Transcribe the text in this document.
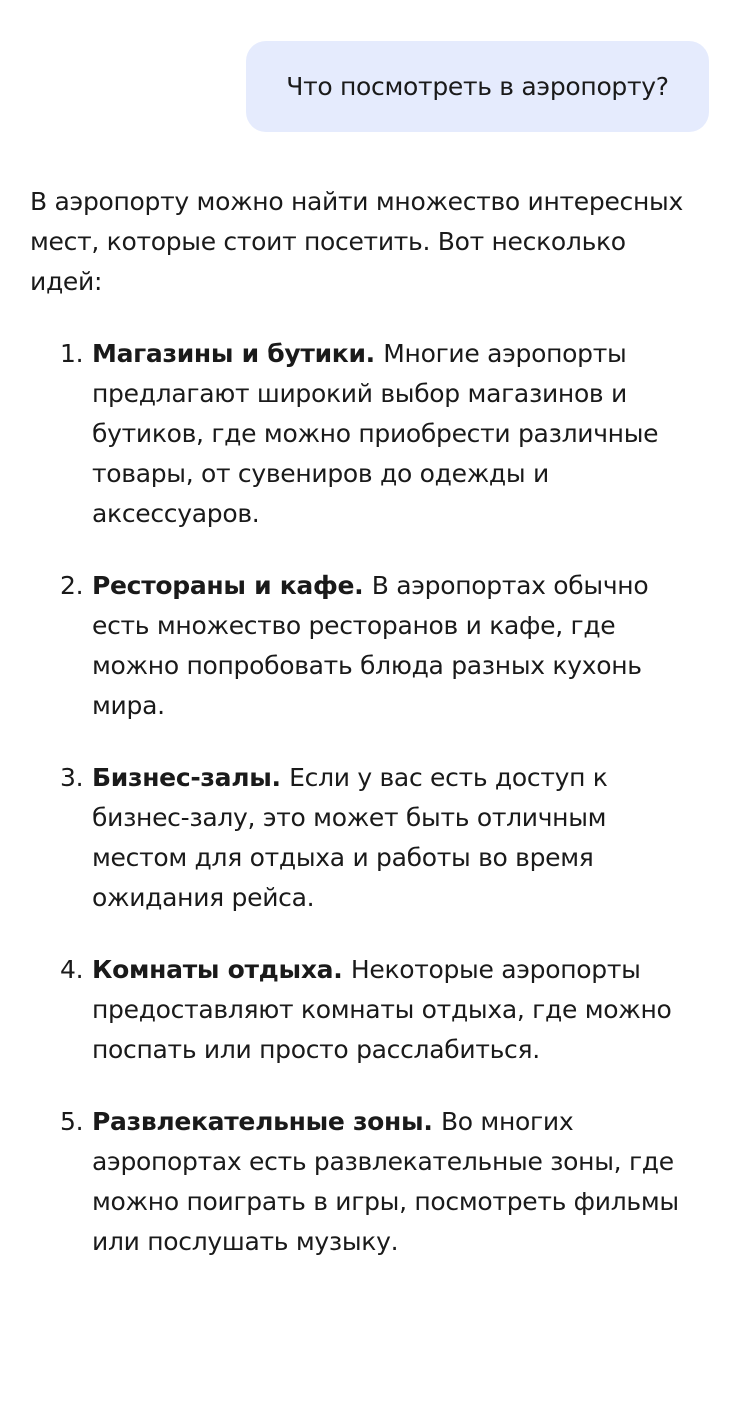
Что посмотреть в аэропорту?

В аэропорту можно найти множество интересных мест, которые стоит посетить. Вот несколько идей:

1. Магазины и бутики. Многие аэропорты предлагают широкий выбор магазинов и бутиков, где можно приобрести различные товары, от сувениров до одежды и аксессуаров.
2. Рестораны и кафе. В аэропортах обычно есть множество ресторанов и кафе, где можно попробовать блюда разных кухонь мира.
3. Бизнес-залы. Если у вас есть доступ к бизнес-залу, это может быть отличным местом для отдыха и работы во время ожидания рейса.
4. Комнаты отдыха. Некоторые аэропорты предоставляют комнаты отдыха, где можно поспать или просто расслабиться.
5. Развлекательные зоны. Во многих аэропортах есть развлекательные зоны, где можно поиграть в игры, посмотреть фильмы или послушать музыку.
